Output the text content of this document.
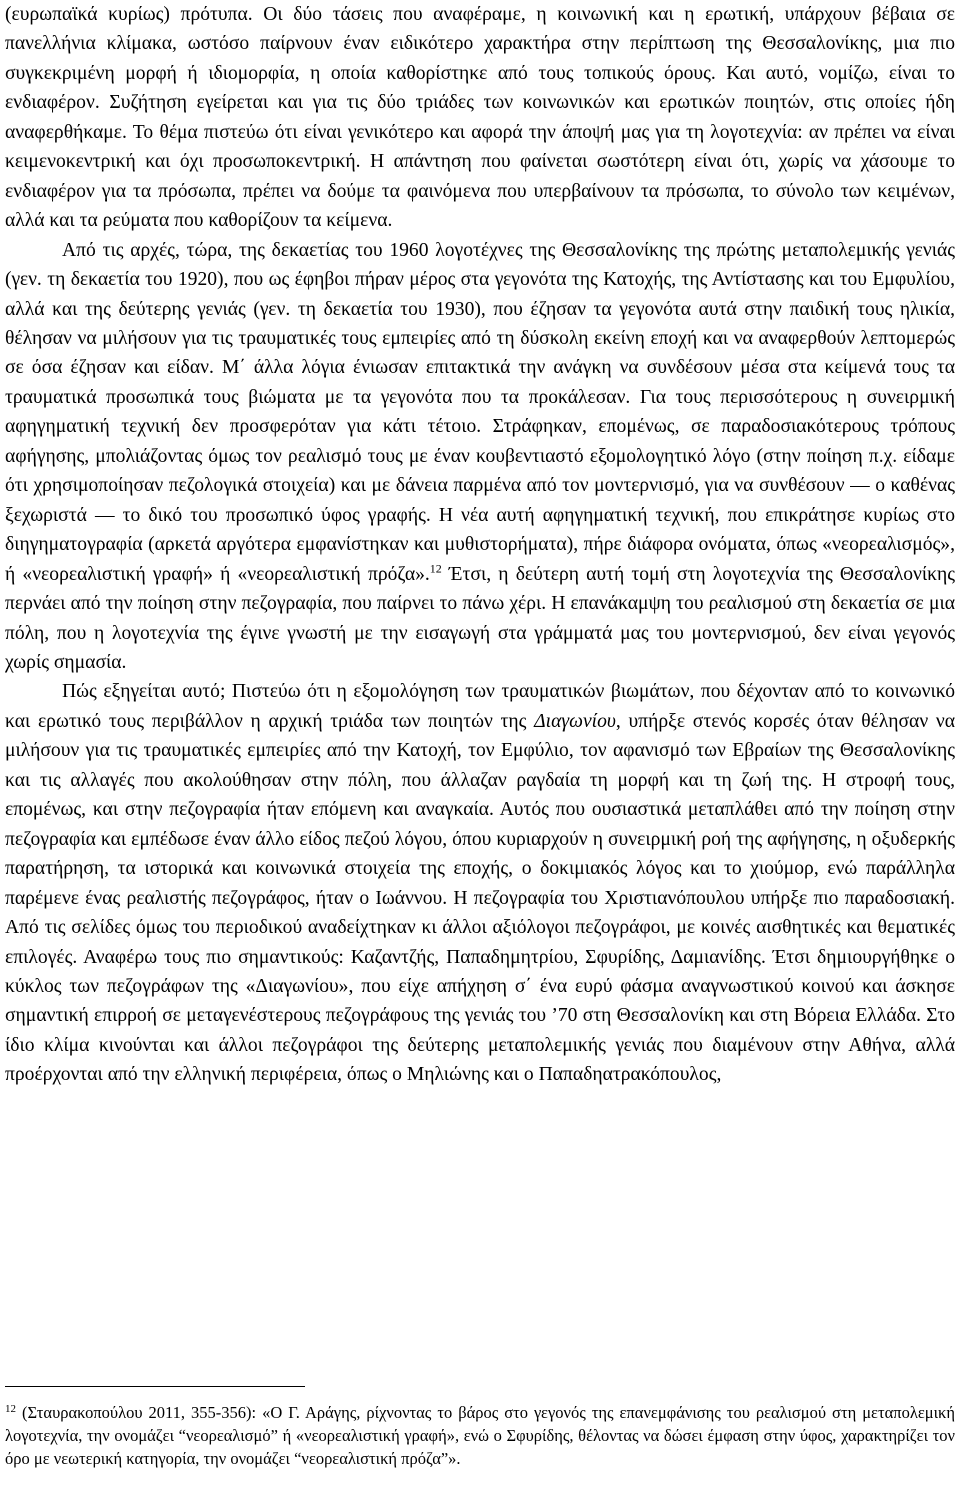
(ευρωπαϊκά κυρίως) πρότυπα. Οι δύο τάσεις που αναφέραμε, η κοινωνική και η ερωτική, υπάρχουν βέβαια σε πανελλήνια κλίμακα, ωστόσο παίρνουν έναν ειδικότερο χαρακτήρα στην περίπτωση της Θεσσαλονίκης, μια πιο συγκεκριμένη μορφή ή ιδιομορφία, η οποία καθορίστηκε από τους τοπικούς όρους. Και αυτό, νομίζω, είναι το ενδιαφέρον. Συζήτηση εγείρεται και για τις δύο τριάδες των κοινωνικών και ερωτικών ποιητών, στις οποίες ήδη αναφερθήκαμε. Το θέμα πιστεύω ότι είναι γενικότερο και αφορά την άποψή μας για τη λογοτεχνία: αν πρέπει να είναι κειμενοκεντρική και όχι προσωποκεντρική. Η απάντηση που φαίνεται σωστότερη είναι ότι, χωρίς να χάσουμε το ενδιαφέρον για τα πρόσωπα, πρέπει να δούμε τα φαινόμενα που υπερβαίνουν τα πρόσωπα, το σύνολο των κειμένων, αλλά και τα ρεύματα που καθορίζουν τα κείμενα.

Από τις αρχές, τώρα, της δεκαετίας του 1960 λογοτέχνες της Θεσσαλονίκης της πρώτης μεταπολεμικής γενιάς (γεν. τη δεκαετία του 1920), που ως έφηβοι πήραν μέρος στα γεγονότα της Κατοχής, της Αντίστασης και του Εμφυλίου, αλλά και της δεύτερης γενιάς (γεν. τη δεκαετία του 1930), που έζησαν τα γεγονότα αυτά στην παιδική τους ηλικία, θέλησαν να μιλήσουν για τις τραυματικές τους εμπειρίες από τη δύσκολη εκείνη εποχή και να αναφερθούν λεπτομερώς σε όσα έζησαν και είδαν. Μ΄ άλλα λόγια ένιωσαν επιτακτικά την ανάγκη να συνδέσουν μέσα στα κείμενά τους τα τραυματικά προσωπικά τους βιώματα με τα γεγονότα που τα προκάλεσαν. Για τους περισσότερους η συνειρμική αφηγηματική τεχνική δεν προσφερόταν για κάτι τέτοιο. Στράφηκαν, επομένως, σε παραδοσιακότερους τρόπους αφήγησης, μπολιάζοντας όμως τον ρεαλισμό τους με έναν κουβεντιαστό εξομολογητικό λόγο (στην ποίηση π.χ. είδαμε ότι χρησιμοποίησαν πεζολογικά στοιχεία) και με δάνεια παρμένα από τον μοντερνισμό, για να συνθέσουν — ο καθένας ξεχωριστά — το δικό του προσωπικό ύφος γραφής. Η νέα αυτή αφηγηματική τεχνική, που επικράτησε κυρίως στο διηγηματογραφία (αρκετά αργότερα εμφανίστηκαν και μυθιστορήματα), πήρε διάφορα ονόματα, όπως «νεορεαλισμός», ή «νεορεαλιστική γραφή» ή «νεορεαλιστική πρόζα».$^{12}$ Έτσι, η δεύτερη αυτή τομή στη λογοτεχνία της Θεσσαλονίκης περνάει από την ποίηση στην πεζογραφία, που παίρνει το πάνω χέρι. Η επανάκαμψη του ρεαλισμού στη δεκαετία σε μια πόλη, που η λογοτεχνία της έγινε γνωστή με την εισαγωγή στα γράμματά μας του μοντερνισμού, δεν είναι γεγονός χωρίς σημασία.

Πώς εξηγείται αυτό; Πιστεύω ότι η εξομολόγηση των τραυματικών βιωμάτων, που δέχονταν από το κοινωνικό και ερωτικό τους περιβάλλον η αρχική τριάδα των ποιητών της Διαγωνίου, υπήρξε στενός κορσές όταν θέλησαν να μιλήσουν για τις τραυματικές εμπειρίες από την Κατοχή, τον Εμφύλιο, τον αφανισμό των Εβραίων της Θεσσαλονίκης και τις αλλαγές που ακολούθησαν στην πόλη, που άλλαζαν ραγδαία τη μορφή και τη ζωή της. Η στροφή τους, επομένως, και στην πεζογραφία ήταν επόμενη και αναγκαία. Αυτός που ουσιαστικά μεταπλάθει από την ποίηση στην πεζογραφία και εμπέδωσε έναν άλλο είδος πεζού λόγου, όπου κυριαρχούν η συνειρμική ροή της αφήγησης, η οξυδερκής παρατήρηση, τα ιστορικά και κοινωνικά στοιχεία της εποχής, ο δοκιμιακός λόγος και το χιούμορ, ενώ παράλληλα παρέμενε ένας ρεαλιστής πεζογράφος, ήταν ο Ιωάννου. Η πεζογραφία του Χριστιανόπουλου υπήρξε πιο παραδοσιακή. Από τις σελίδες όμως του περιοδικού αναδείχτηκαν κι άλλοι αξιόλογοι πεζογράφοι, με κοινές αισθητικές και θεματικές επιλογές. Αναφέρω τους πιο σημαντικούς: Καζαντζής, Παπαδημητρίου, Σφυρίδης, Δαμιανίδης. Έτσι δημιουργήθηκε ο κύκλος των πεζογράφων της «Διαγωνίου», που είχε απήχηση σ΄ ένα ευρύ φάσμα αναγνωστικού κοινού και άσκησε σημαντική επιρροή σε μεταγενέστερους πεζογράφους της γενιάς του ’70 στη Θεσσαλονίκη και στη Βόρεια Ελλάδα. Στο ίδιο κλίμα κινούνται και άλλοι πεζογράφοι της δεύτερης μεταπολεμικής γενιάς που διαμένουν στην Αθήνα, αλλά προέρχονται από την ελληνική περιφέρεια, όπως ο Μηλιώνης και ο Παπαδηατρακόπουλος,

$^{12}$ (Σταυρακοπούλου 2011, 355-356): «Ο Γ. Αράγης, ρίχνοντας το βάρος στο γεγονός της επανεμφάνισης του ρεαλισμού στη μεταπολεμική λογοτεχνία, την ονομάζει “νεορεαλισμό” ή «νεορεαλιστική γραφή», ενώ ο Σφυρίδης, θέλοντας να δώσει έμφαση στην ύφος, χαρακτηρίζει τον όρο με νεωτερική κατηγορία, την ονομάζει “νεορεαλιστική πρόζα”».
